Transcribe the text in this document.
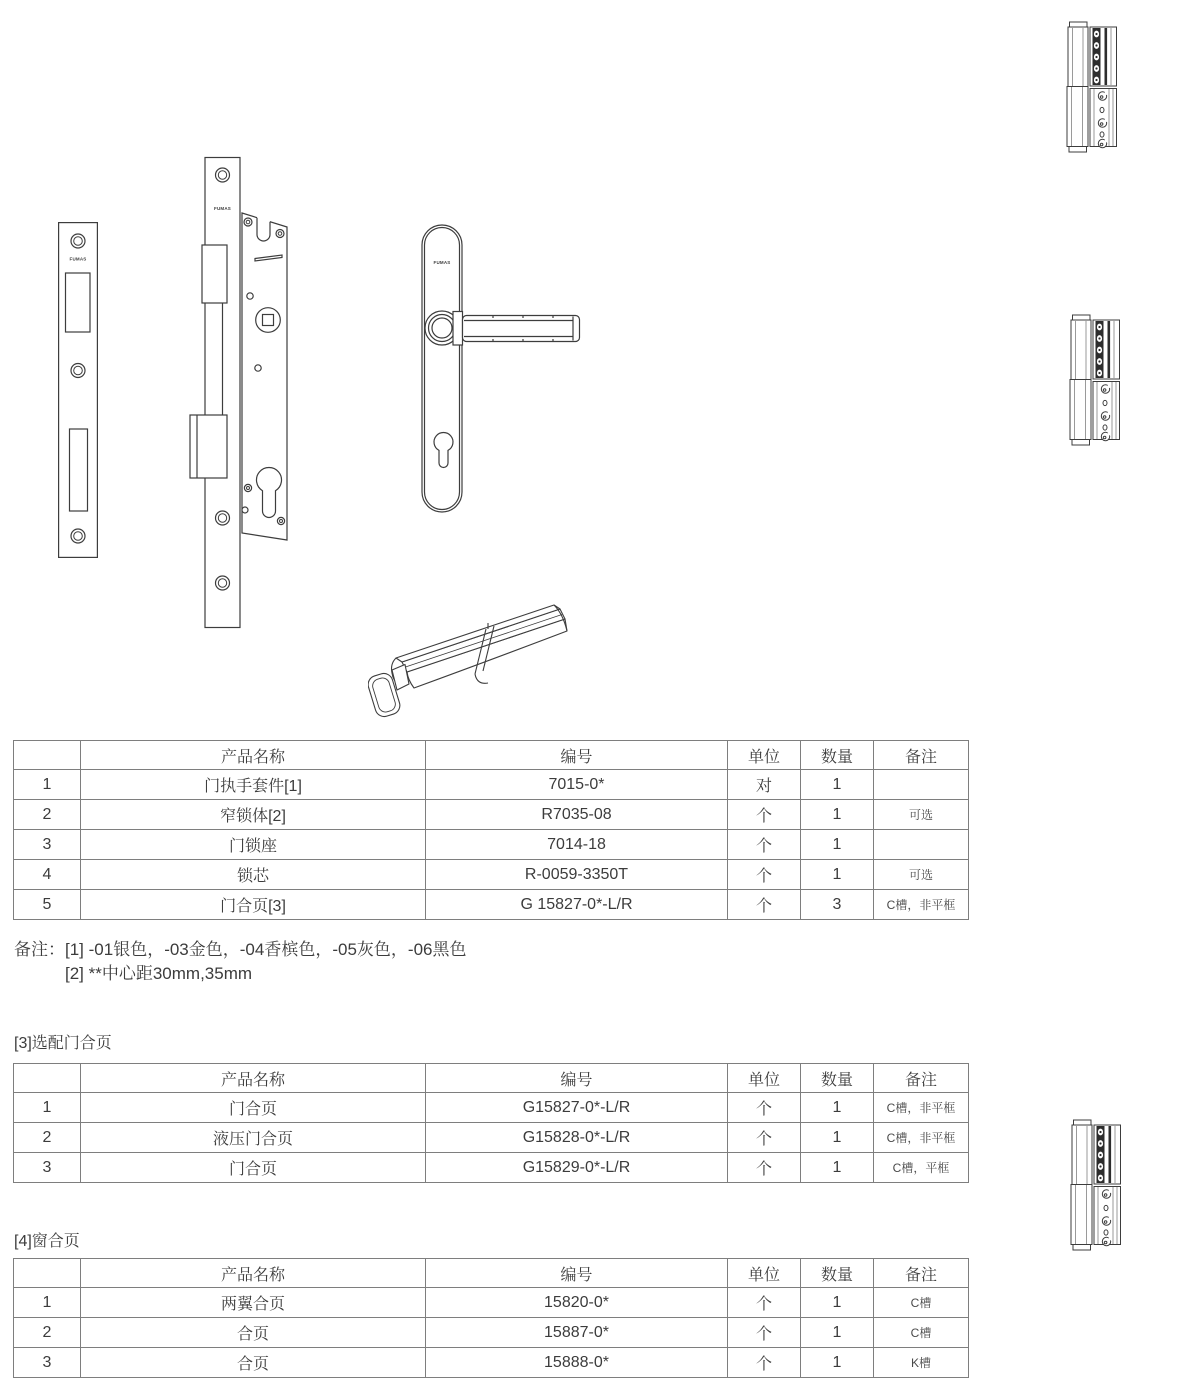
FUMAS
FUMAS
FUMAS
	产品名称	编号	单位	数量	备注
1	门执手套件[1]	7015-0*	对	1	
2	窄锁体[2]	R7035-08	个	1	可选
3	门锁座	7014-18	个	1	
4	锁芯	R-0059-3350T	个	1	可选
5	门合页[3]	G 15827-0*-L/R	个	3	C槽，非平框
备注：[1] -01银色，-03金色，-04香槟色，-05灰色，-06黑色
[2] **中心距30mm,35mm
[3]选配门合页
	产品名称	编号	单位	数量	备注
1	门合页	G15827-0*-L/R	个	1	C槽，非平框
2	液压门合页	G15828-0*-L/R	个	1	C槽，非平框
3	门合页	G15829-0*-L/R	个	1	C槽，平框
[4]窗合页
	产品名称	编号	单位	数量	备注
1	两翼合页	15820-0*	个	1	C槽
2	合页	15887-0*	个	1	C槽
3	合页	15888-0*	个	1	K槽
